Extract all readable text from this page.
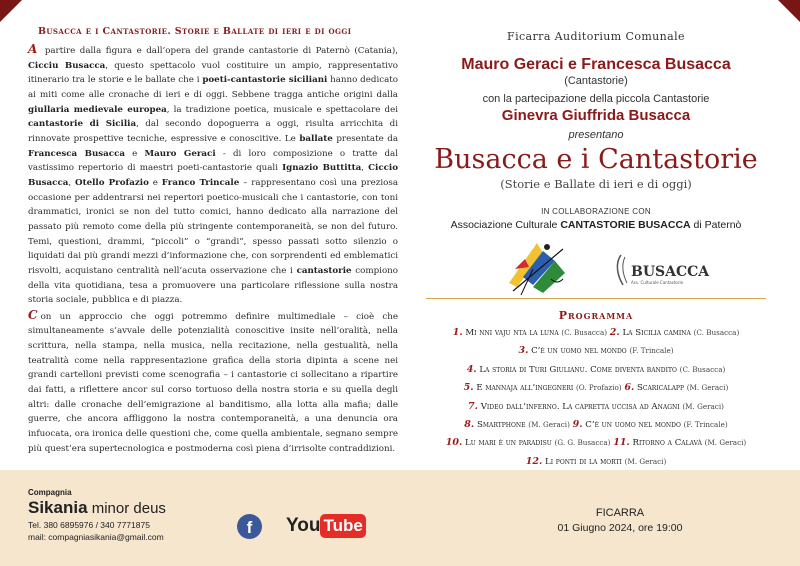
Busacca e i Cantastorie. Storie e Ballate di ieri e di oggi

A partire dalla figura e dall’opera del grande cantastorie di Paternò (Catania), Cicciu Busacca, questo spettacolo vuol costituire un ampio, rappresentativo itinerario tra le storie e le ballate che i poeti-cantastorie siciliani hanno dedicato ai miti come alle cronache di ieri e di oggi. Sebbene tragga antiche origini dalla giullaria medievale europea, la tradizione poetica, musicale e spettacolare dei cantastorie di Sicilia, dal secondo dopoguerra a oggi, risulta arricchita di rinnovate prospettive tecniche, espressive e conoscitive. Le ballate presentate da Francesca Busacca e Mauro Geraci - di loro composizione o tratte dal vastissimo repertorio di maestri poeti-cantastorie quali Ignazio Buttitta, Ciccio Busacca, Otello Profazio e Franco Trincale – rappresentano così una preziosa occasione per addentrarsi nei repertori poetico-musicali che i cantastorie, con toni drammatici, ironici se non del tutto comici, hanno dedicato alla narrazione del passato più remoto come della più stringente contemporaneità, se non del futuro. Temi, questioni, drammi, “piccoli” o “grandi”, spesso passati sotto silenzio o liquidati dai più grandi mezzi d’informazione che, con sorprendenti ed emblematici risvolti, acquistano centralità nell’acuta osservazione che i cantastorie compiono della vita quotidiana, tesa a promuovere una particolare riflessione sulla nostra storia sociale, pubblica e di piazza.

C on un approccio che oggi potremmo definire multimediale – cioè che simultaneamente s’avvale delle potenzialità conoscitive insite nell’oralità, nella scrittura, nella stampa, nella musica, nella recitazione, nella gestualità, nella teatralità come nella rappresentazione grafica della storia dipinta a scene nei grandi cartelloni previsti come scenografia – i cantastorie ci sollecitano a ripartire dai fatti, a riflettere ancor sul corso tortuoso della nostra storia e su quella degli altri: dalle cronache dell’emigrazione al banditismo, alla lotta alla mafia; dalle guerre, che ancora affliggono la nostra contemporaneità, a una denuncia ora infuocata, ora ironica delle questioni che, come quella ambientale, segnano sempre più quest’era supertecnologica e postmoderna così piena d’irrisolte contraddizioni.

Ficarra Auditorium Comunale
Mauro Geraci e Francesca Busacca
(Cantastorie)
con la partecipazione della piccola Cantastorie
Ginevra Giuffrida Busacca
presentano
Busacca e i Cantastorie
(Storie e Ballate di ieri e di oggi)
IN COLLABORAZIONE CON
Associazione Culturale CANTASTORIE BUSACCA di Paternò
BUSACCA
Ass. Culturale Cantastorie
Programma
1. Mi nni vaju nta la luna (C. Busacca) 2. La Sicilia camina (C. Busacca)
3. C’è un uomo nel mondo (F. Trincale)
4. La storia di Turi Giulianu. Come diventa bandito (C. Busacca)
5. E mannaja all’ingegneri (O. Profazio) 6. Scaricalapp (M. Geraci)
7. Video dall’inferno. La capretta uccisa ad Anagni (M. Geraci)
8. Smartphone (M. Geraci) 9. C’è un uomo nel mondo (F. Trincale)
10. Lu mari è un paradisu (G. G. Busacca) 11. Ritorno a Calavà (M. Geraci)
12. Li ponti di la morti (M. Geraci)
Compagnia
Sikania minor deus
Tel. 380 6895976 / 340 7771875
mail: compagniasikania@gmail.com	f	You Tube
FICARRA
01 Giugno 2024, ore 19:00
